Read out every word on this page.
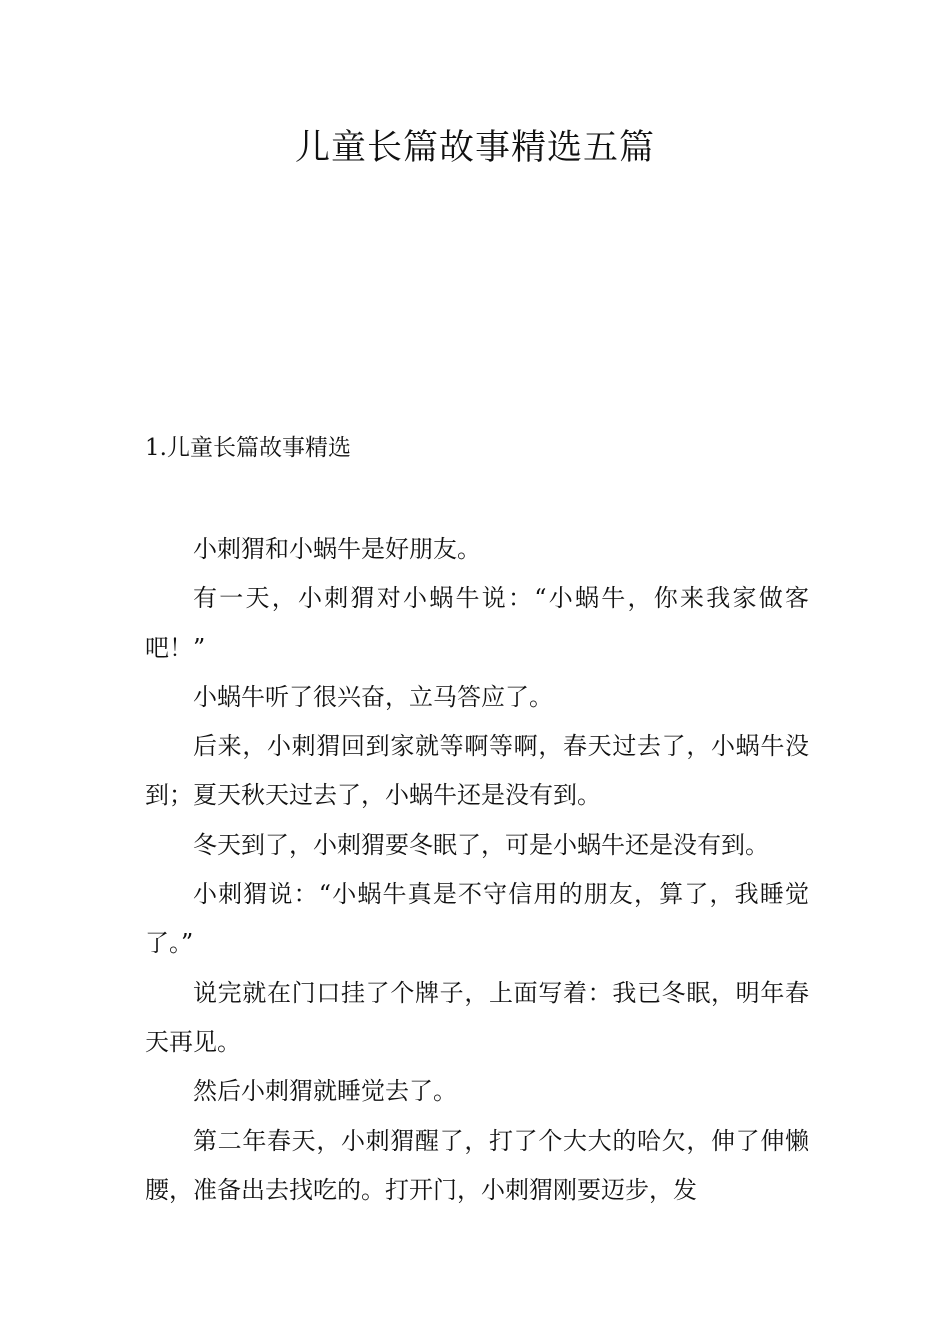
儿童长篇故事精选五篇
1.儿童长篇故事精选

小刺猬和小蜗牛是好朋友。

有一天，小刺猬对小蜗牛说：“小蜗牛，你来我家做客吧！”

小蜗牛听了很兴奋，立马答应了。

后来，小刺猬回到家就等啊等啊，春天过去了，小蜗牛没到；夏天秋天过去了，小蜗牛还是没有到。

冬天到了，小刺猬要冬眠了，可是小蜗牛还是没有到。

小刺猬说：“小蜗牛真是不守信用的朋友，算了，我睡觉了。”

说完就在门口挂了个牌子，上面写着：我已冬眠，明年春天再见。

然后小刺猬就睡觉去了。

第二年春天，小刺猬醒了，打了个大大的哈欠，伸了伸懒腰，准备出去找吃的。打开门，小刺猬刚要迈步，发
